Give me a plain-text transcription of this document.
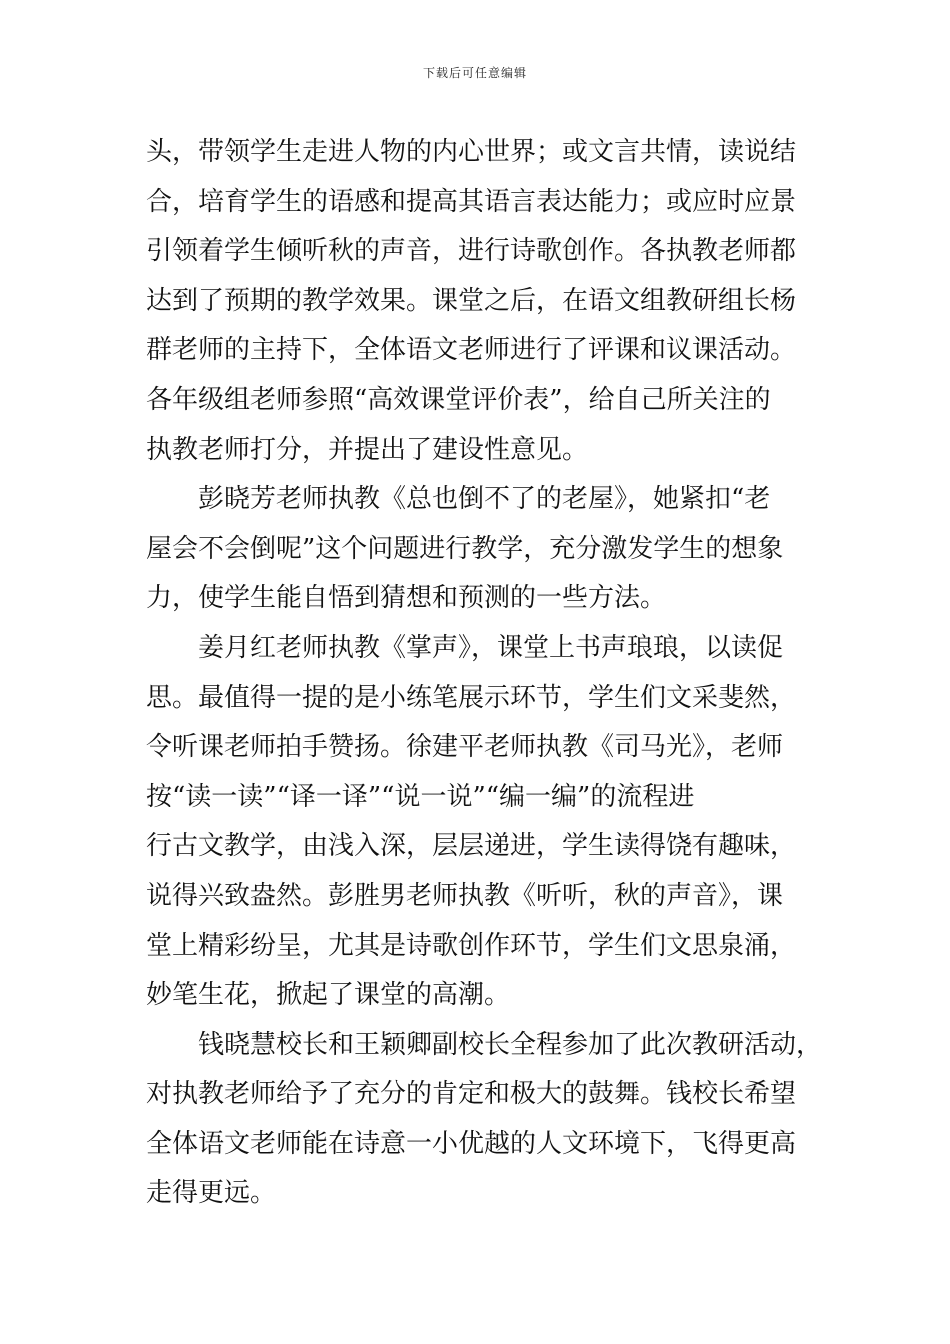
下载后可任意编辑
头，带领学生走进人物的内心世界；或文言共情，读说结
合，培育学生的语感和提高其语言表达能力；或应时应景
引领着学生倾听秋的声音，进行诗歌创作。各执教老师都
达到了预期的教学效果。课堂之后，在语文组教研组长杨
群老师的主持下，全体语文老师进行了评课和议课活动。
各年级组老师参照“高效课堂评价表”，给自己所关注的
执教老师打分，并提出了建设性意见。
彭晓芳老师执教《总也倒不了的老屋》，她紧扣“老
屋会不会倒呢”这个问题进行教学，充分激发学生的想象
力，使学生能自悟到猜想和预测的一些方法。
姜月红老师执教《掌声》，课堂上书声琅琅，以读促
思。最值得一提的是小练笔展示环节，学生们文采斐然，
令听课老师拍手赞扬。徐建平老师执教《司马光》，老师
按“读一读”“译一译”“说一说”“编一编”的流程进
行古文教学，由浅入深，层层递进，学生读得饶有趣味，
说得兴致盎然。彭胜男老师执教《听听，秋的声音》，课
堂上精彩纷呈，尤其是诗歌创作环节，学生们文思泉涌，
妙笔生花，掀起了课堂的高潮。
钱晓慧校长和王颖卿副校长全程参加了此次教研活动，
对执教老师给予了充分的肯定和极大的鼓舞。钱校长希望
全体语文老师能在诗意一小优越的人文环境下，飞得更高
走得更远。
